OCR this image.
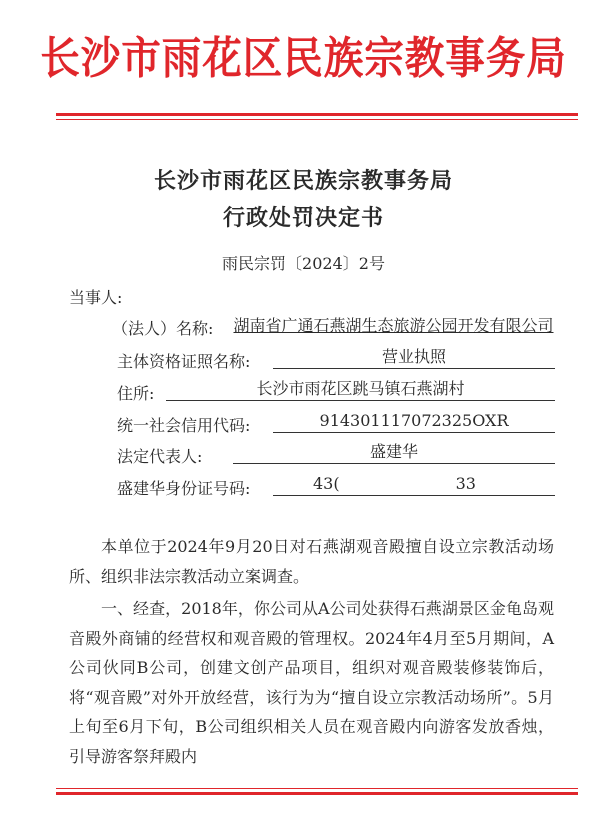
长沙市雨花区民族宗教事务局
长沙市雨花区民族宗教事务局
行政处罚决定书
雨民宗罚〔2024〕2号
当事人:
（法人）名称: 湖南省广通石燕湖生态旅游公园开发有限公司
主体资格证照名称:	营业执照
住所:	长沙市雨花区跳马镇石燕湖村
统一社会信用代码:	914301117072325OXR
法定代表人:	盛建华
盛建华身份证号码:	43(	33
本单位于2024年9月20日对石燕湖观音殿擅自设立宗教活动场所、组织非法宗教活动立案调查。
一、经查，2018年，你公司从A公司处获得石燕湖景区金龟岛观音殿外商铺的经营权和观音殿的管理权。2024年4月至5月期间，A公司伙同B公司，创建文创产品项目，组织对观音殿装修装饰后，将“观音殿”对外开放经营，该行为为“擅自设立宗教活动场所”。5月上旬至6月下旬，B公司组织相关人员在观音殿内向游客发放香烛，引导游客祭拜殿内
